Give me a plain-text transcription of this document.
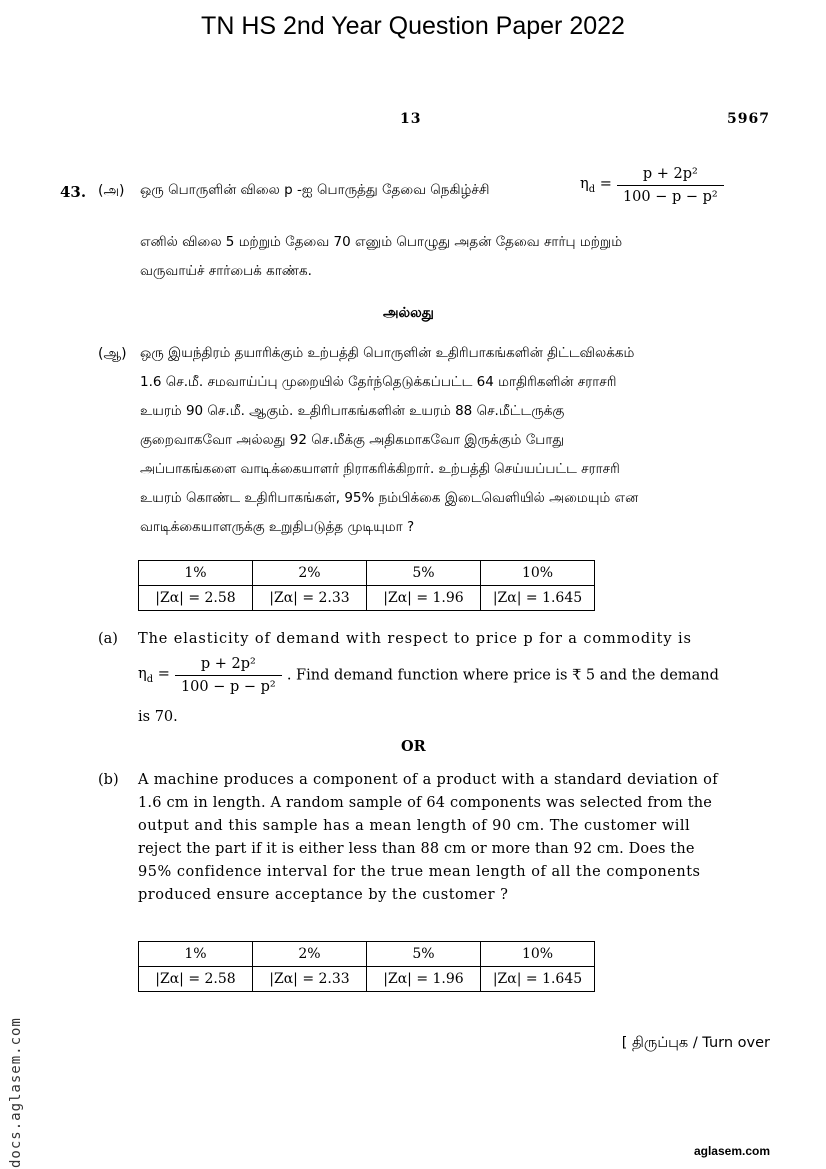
TN HS 2nd Year Question Paper 2022
13	5967
43. (அ) ஒரு பொருளின் விலை p -ஐ பொருத்து தேவை நெகிழ்ச்சி	$\eta_d = \frac{\text{p + 2p²}}{\text{100 − p − p²}}$
எனில் விலை 5 மற்றும் தேவை 70 எனும் பொழுது அதன் தேவை சார்பு மற்றும்
வருவாய்ச் சார்பைக் காண்க.
அல்லது
(ஆ) ஒரு இயந்திரம் தயாரிக்கும் உற்பத்தி பொருளின் உதிரிபாகங்களின் திட்டவிலக்கம்
1.6 செ.மீ. சமவாய்ப்பு முறையில் தேர்ந்தெடுக்கப்பட்ட 64 மாதிரிகளின் சராசரி
உயரம் 90 செ.மீ. ஆகும். உதிரிபாகங்களின் உயரம் 88 செ.மீட்டருக்கு
குறைவாகவோ அல்லது 92 செ.மீக்கு அதிகமாகவோ இருக்கும் போது
அப்பாகங்களை வாடிக்கையாளர் நிராகரிக்கிறார். உற்பத்தி செய்யப்பட்ட சராசரி
உயரம் கொண்ட உதிரிபாகங்கள், 95% நம்பிக்கை இடைவெளியில் அமையும் என
வாடிக்கையாளருக்கு உறுதிபடுத்த முடியுமா ?
1%	2%	5%	10%
|Zα| = 2.58	|Zα| = 2.33	|Zα| = 1.96	|Zα| = 1.645
(a) The elasticity of demand with respect to price p for a commodity is
$\eta_d = \frac{\text{p + 2p²}}{\text{100 − p − p²}}$ . Find demand function where price is ₹ 5 and the demand
is 70.
OR
(b) A machine produces a component of a product with a standard deviation of
1.6 cm in length. A random sample of 64 components was selected from the
output and this sample has a mean length of 90 cm. The customer will
reject the part if it is either less than 88 cm or more than 92 cm. Does the
95% confidence interval for the true mean length of all the components
produced ensure acceptance by the customer ?
1%	2%	5%	10%
|Zα| = 2.58	|Zα| = 2.33	|Zα| = 1.96	|Zα| = 1.645
[ திருப்புக / Turn over
docs.aglasem.com	aglasem.com
